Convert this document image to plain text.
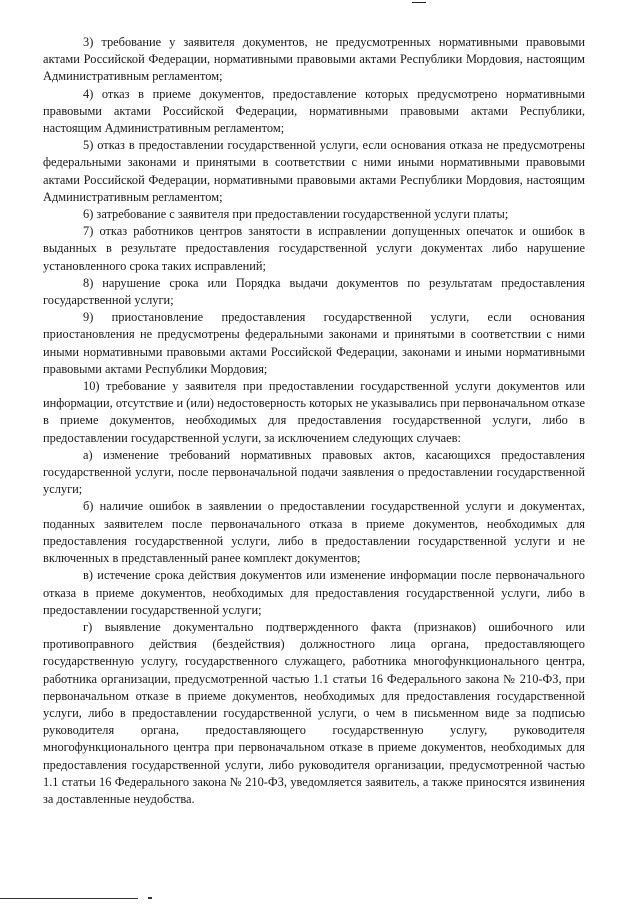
3) требование у заявителя документов, не предусмотренных нормативными правовыми актами Российской Федерации, нормативными правовыми актами Республики Мордовия, настоящим Административным регламентом;

4) отказ в приеме документов, предоставление которых предусмотрено нормативными правовыми актами Российской Федерации, нормативными правовыми актами Республики, настоящим Административным регламентом;

5) отказ в предоставлении государственной услуги, если основания отказа не предусмотрены федеральными законами и принятыми в соответствии с ними иными нормативными правовыми актами Российской Федерации, нормативными правовыми актами Республики Мордовия, настоящим Административным регламентом;

6) затребование с заявителя при предоставлении государственной услуги платы;

7) отказ работников центров занятости в исправлении допущенных опечаток и ошибок в выданных в результате предоставления государственной услуги документах либо нарушение установленного срока таких исправлений;

8) нарушение срока или Порядка выдачи документов по результатам предоставления государственной услуги;

9) приостановление предоставления государственной услуги, если основания приостановления не предусмотрены федеральными законами и принятыми в соответствии с ними иными нормативными правовыми актами Российской Федерации, законами и иными нормативными правовыми актами Республики Мордовия;

10) требование у заявителя при предоставлении государственной услуги документов или информации, отсутствие и (или) недостоверность которых не указывались при первоначальном отказе в приеме документов, необходимых для предоставления государственной услуги, либо в предоставлении государственной услуги, за исключением следующих случаев:

а) изменение требований нормативных правовых актов, касающихся предоставления государственной услуги, после первоначальной подачи заявления о предоставлении государственной услуги;

б) наличие ошибок в заявлении о предоставлении государственной услуги и документах, поданных заявителем после первоначального отказа в приеме документов, необходимых для предоставления государственной услуги, либо в предоставлении государственной услуги и не включенных в представленный ранее комплект документов;

в) истечение срока действия документов или изменение информации после первоначального отказа в приеме документов, необходимых для предоставления государственной услуги, либо в предоставлении государственной услуги;

г) выявление документально подтвержденного факта (признаков) ошибочного или противоправного действия (бездействия) должностного лица органа, предоставляющего государственную услугу, государственного служащего, работника многофункционального центра, работника организации, предусмотренной частью 1.1 статьи 16 Федерального закона № 210-ФЗ, при первоначальном отказе в приеме документов, необходимых для предоставления государственной услуги, либо в предоставлении государственной услуги, о чем в письменном виде за подписью руководителя органа, предоставляющего государственную услугу, руководителя многофункционального центра при первоначальном отказе в приеме документов, необходимых для предоставления государственной услуги, либо руководителя организации, предусмотренной частью 1.1 статьи 16 Федерального закона № 210-ФЗ, уведомляется заявитель, а также приносятся извинения за доставленные неудобства.
